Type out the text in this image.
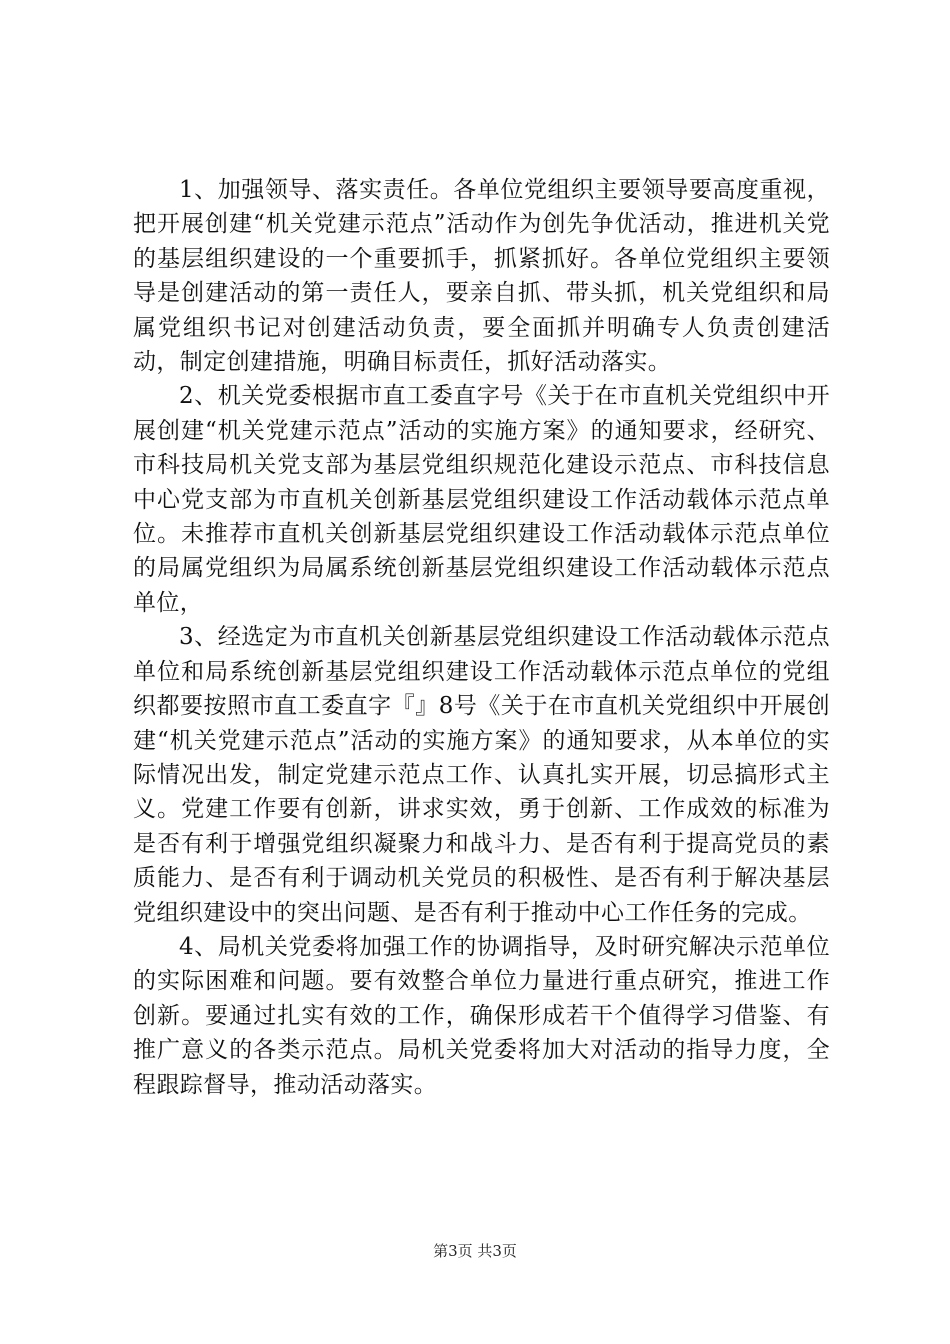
1、加强领导、落实责任。各单位党组织主要领导要高度重视，把开展创建“机关党建示范点”活动作为创先争优活动，推进机关党的基层组织建设的一个重要抓手，抓紧抓好。各单位党组织主要领导是创建活动的第一责任人，要亲自抓、带头抓，机关党组织和局属党组织书记对创建活动负责，要全面抓并明确专人负责创建活动，制定创建措施，明确目标责任，抓好活动落实。

2、机关党委根据市直工委直字号《关于在市直机关党组织中开展创建“机关党建示范点”活动的实施方案》的通知要求，经研究、市科技局机关党支部为基层党组织规范化建设示范点、市科技信息中心党支部为市直机关创新基层党组织建设工作活动载体示范点单位。未推荐市直机关创新基层党组织建设工作活动载体示范点单位的局属党组织为局属系统创新基层党组织建设工作活动载体示范点单位，

3、经选定为市直机关创新基层党组织建设工作活动载体示范点单位和局系统创新基层党组织建设工作活动载体示范点单位的党组织都要按照市直工委直字『』8号《关于在市直机关党组织中开展创建“机关党建示范点”活动的实施方案》的通知要求，从本单位的实际情况出发，制定党建示范点工作、认真扎实开展，切忌搞形式主义。党建工作要有创新，讲求实效，勇于创新、工作成效的标准为是否有利于增强党组织凝聚力和战斗力、是否有利于提高党员的素质能力、是否有利于调动机关党员的积极性、是否有利于解决基层党组织建设中的突出问题、是否有利于推动中心工作任务的完成。

4、局机关党委将加强工作的协调指导，及时研究解决示范单位的实际困难和问题。要有效整合单位力量进行重点研究，推进工作创新。要通过扎实有效的工作，确保形成若干个值得学习借鉴、有推广意义的各类示范点。局机关党委将加大对活动的指导力度，全程跟踪督导，推动活动落实。

第3页 共3页
